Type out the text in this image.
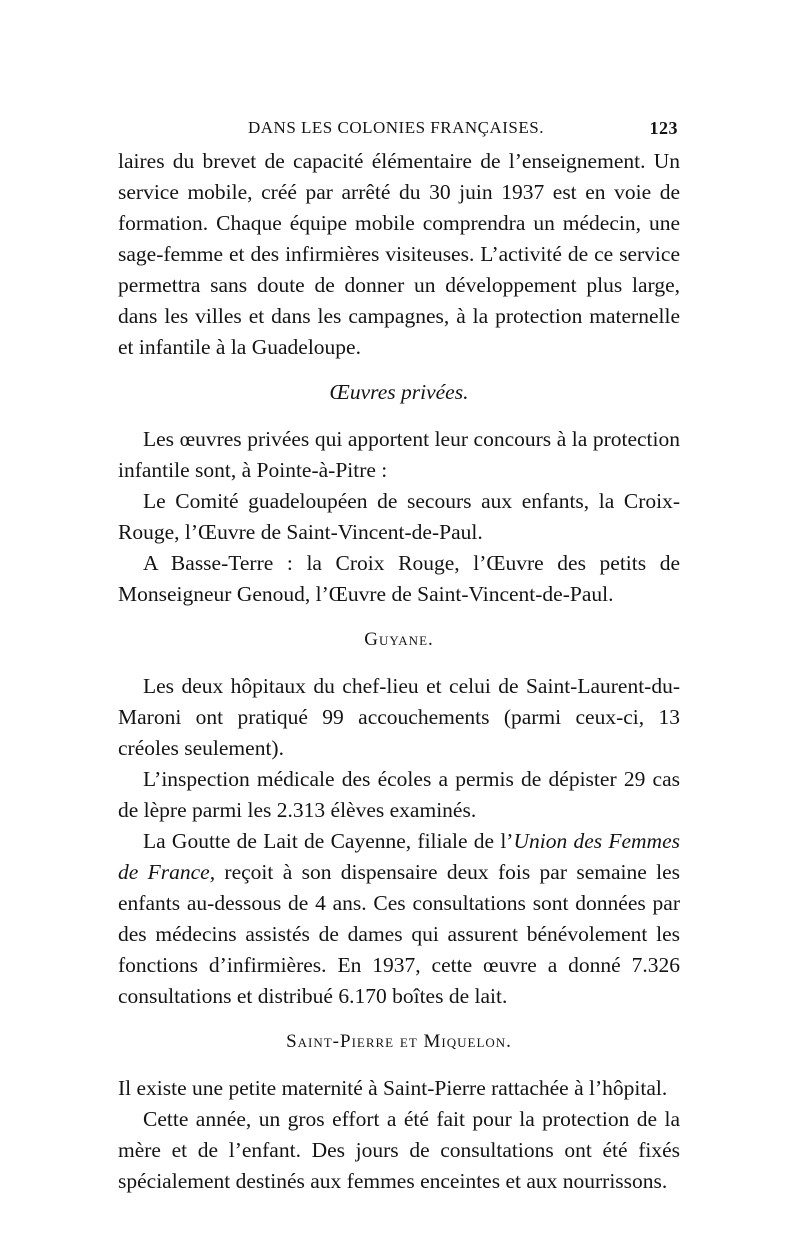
DANS LES COLONIES FRANÇAISES.	123

laires du brevet de capacité élémentaire de l’enseignement. Un service mobile, créé par arrêté du 30 juin 1937 est en voie de formation. Chaque équipe mobile comprendra un médecin, une sage-femme et des infirmières visiteuses. L’activité de ce service permettra sans doute de donner un développement plus large, dans les villes et dans les campagnes, à la protection maternelle et infantile à la Guadeloupe.

Œuvres privées.

Les œuvres privées qui apportent leur concours à la protection infantile sont, à Pointe-à-Pitre :

Le Comité guadeloupéen de secours aux enfants, la Croix-Rouge, l’Œuvre de Saint-Vincent-de-Paul.

A Basse-Terre : la Croix Rouge, l’Œuvre des petits de Monseigneur Genoud, l’Œuvre de Saint-Vincent-de-Paul.

Guyane.

Les deux hôpitaux du chef-lieu et celui de Saint-Laurent-du-Maroni ont pratiqué 99 accouchements (parmi ceux-ci, 13 créoles seulement).

L’inspection médicale des écoles a permis de dépister 29 cas de lèpre parmi les 2.313 élèves examinés.

La Goutte de Lait de Cayenne, filiale de l’Union des Femmes de France, reçoit à son dispensaire deux fois par semaine les enfants au-dessous de 4 ans. Ces consultations sont données par des médecins assistés de dames qui assurent bénévolement les fonctions d’infirmières. En 1937, cette œuvre a donné 7.326 consultations et distribué 6.170 boîtes de lait.

Saint-Pierre et Miquelon.

Il existe une petite maternité à Saint-Pierre rattachée à l’hôpital.

Cette année, un gros effort a été fait pour la protection de la mère et de l’enfant. Des jours de consultations ont été fixés spécialement destinés aux femmes enceintes et aux nourrissons.
